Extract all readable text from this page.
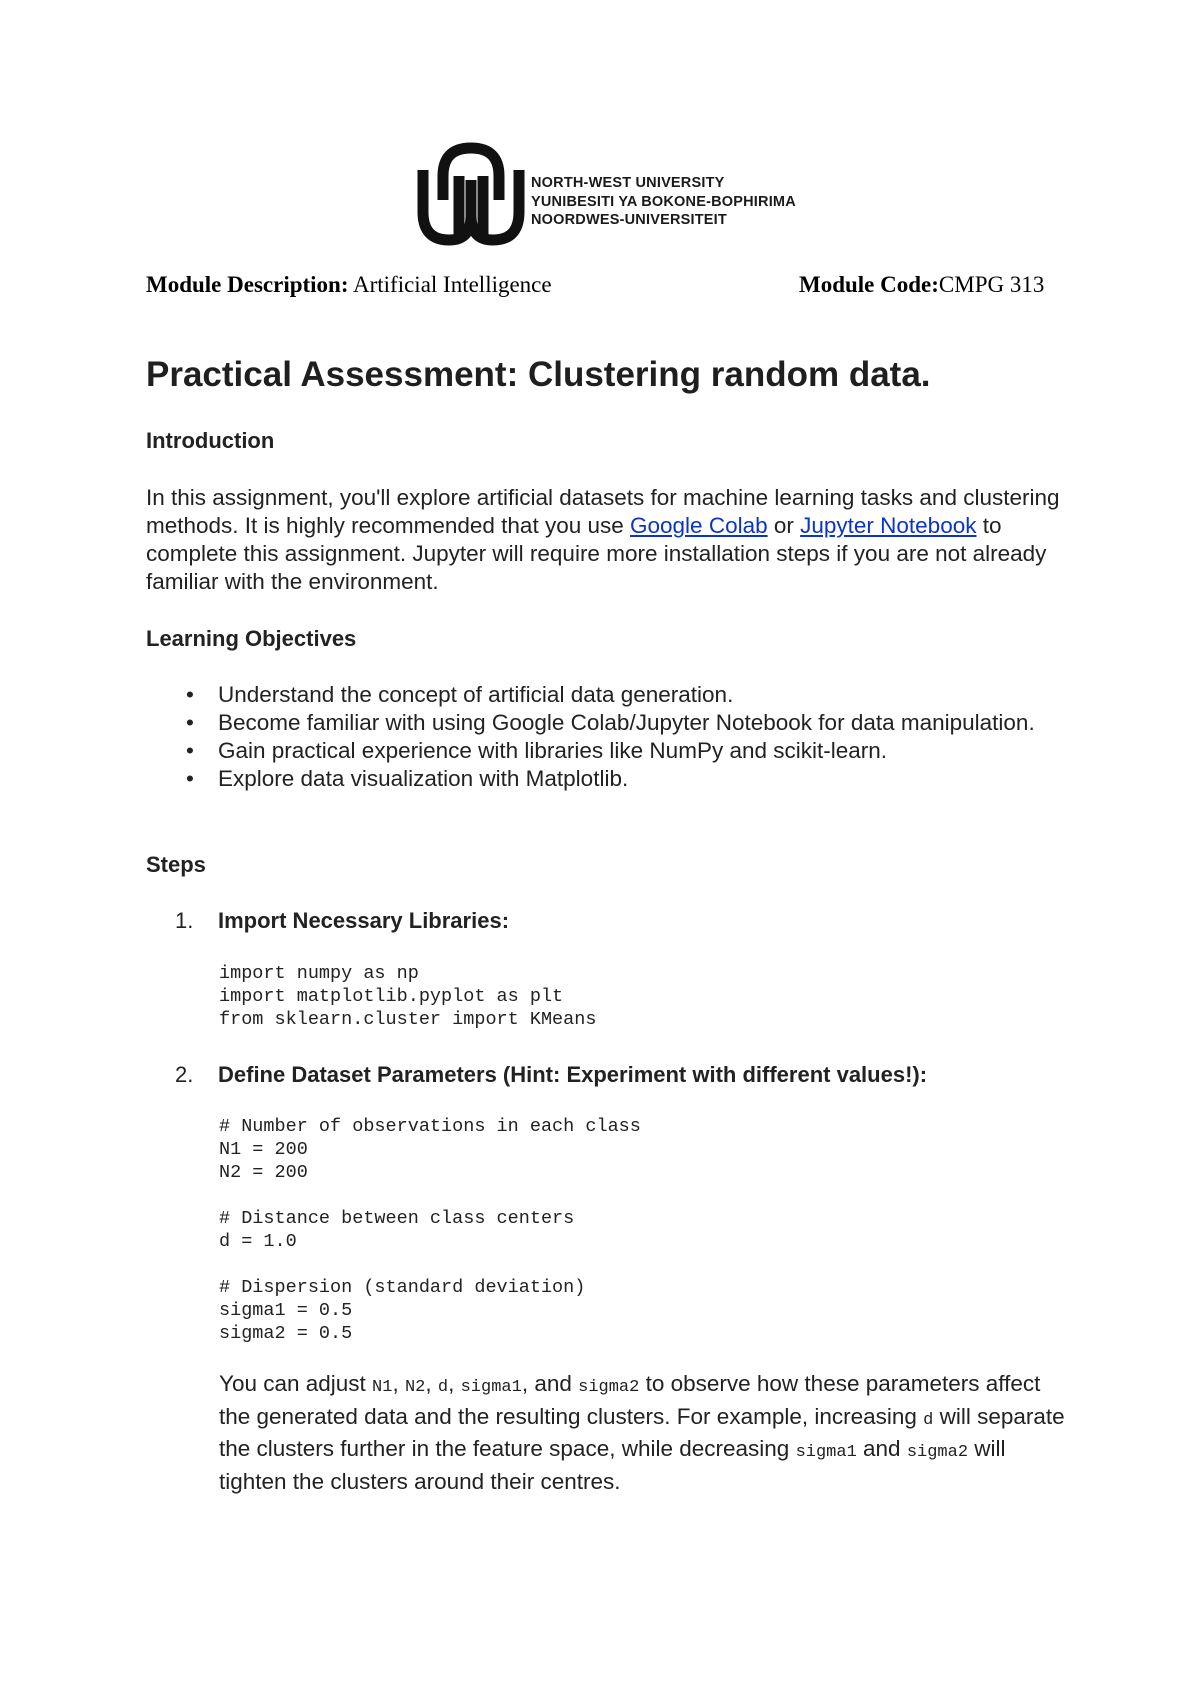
NORTH-WEST UNIVERSITY
YUNIBESITI YA BOKONE-BOPHIRIMA
NOORDWES-UNIVERSITEIT
Module Description: Artificial Intelligence	Module Code:CMPG 313
Practical Assessment: Clustering random data.
Introduction
In this assignment, you'll explore artificial datasets for machine learning tasks and clustering methods. It is highly recommended that you use Google Colab or Jupyter Notebook to complete this assignment. Jupyter will require more installation steps if you are not already familiar with the environment.
Learning Objectives
• Understand the concept of artificial data generation.
• Become familiar with using Google Colab/Jupyter Notebook for data manipulation.
• Gain practical experience with libraries like NumPy and scikit-learn.
• Explore data visualization with Matplotlib.
Steps
1. Import Necessary Libraries:
import numpy as np
import matplotlib.pyplot as plt
from sklearn.cluster import KMeans
2. Define Dataset Parameters (Hint: Experiment with different values!):
# Number of observations in each class
N1 = 200
N2 = 200

# Distance between class centers
d = 1.0

# Dispersion (standard deviation)
sigma1 = 0.5
sigma2 = 0.5
You can adjust N1, N2, d, sigma1, and sigma2 to observe how these parameters affect the generated data and the resulting clusters. For example, increasing d will separate the clusters further in the feature space, while decreasing sigma1 and sigma2 will tighten the clusters around their centres.
